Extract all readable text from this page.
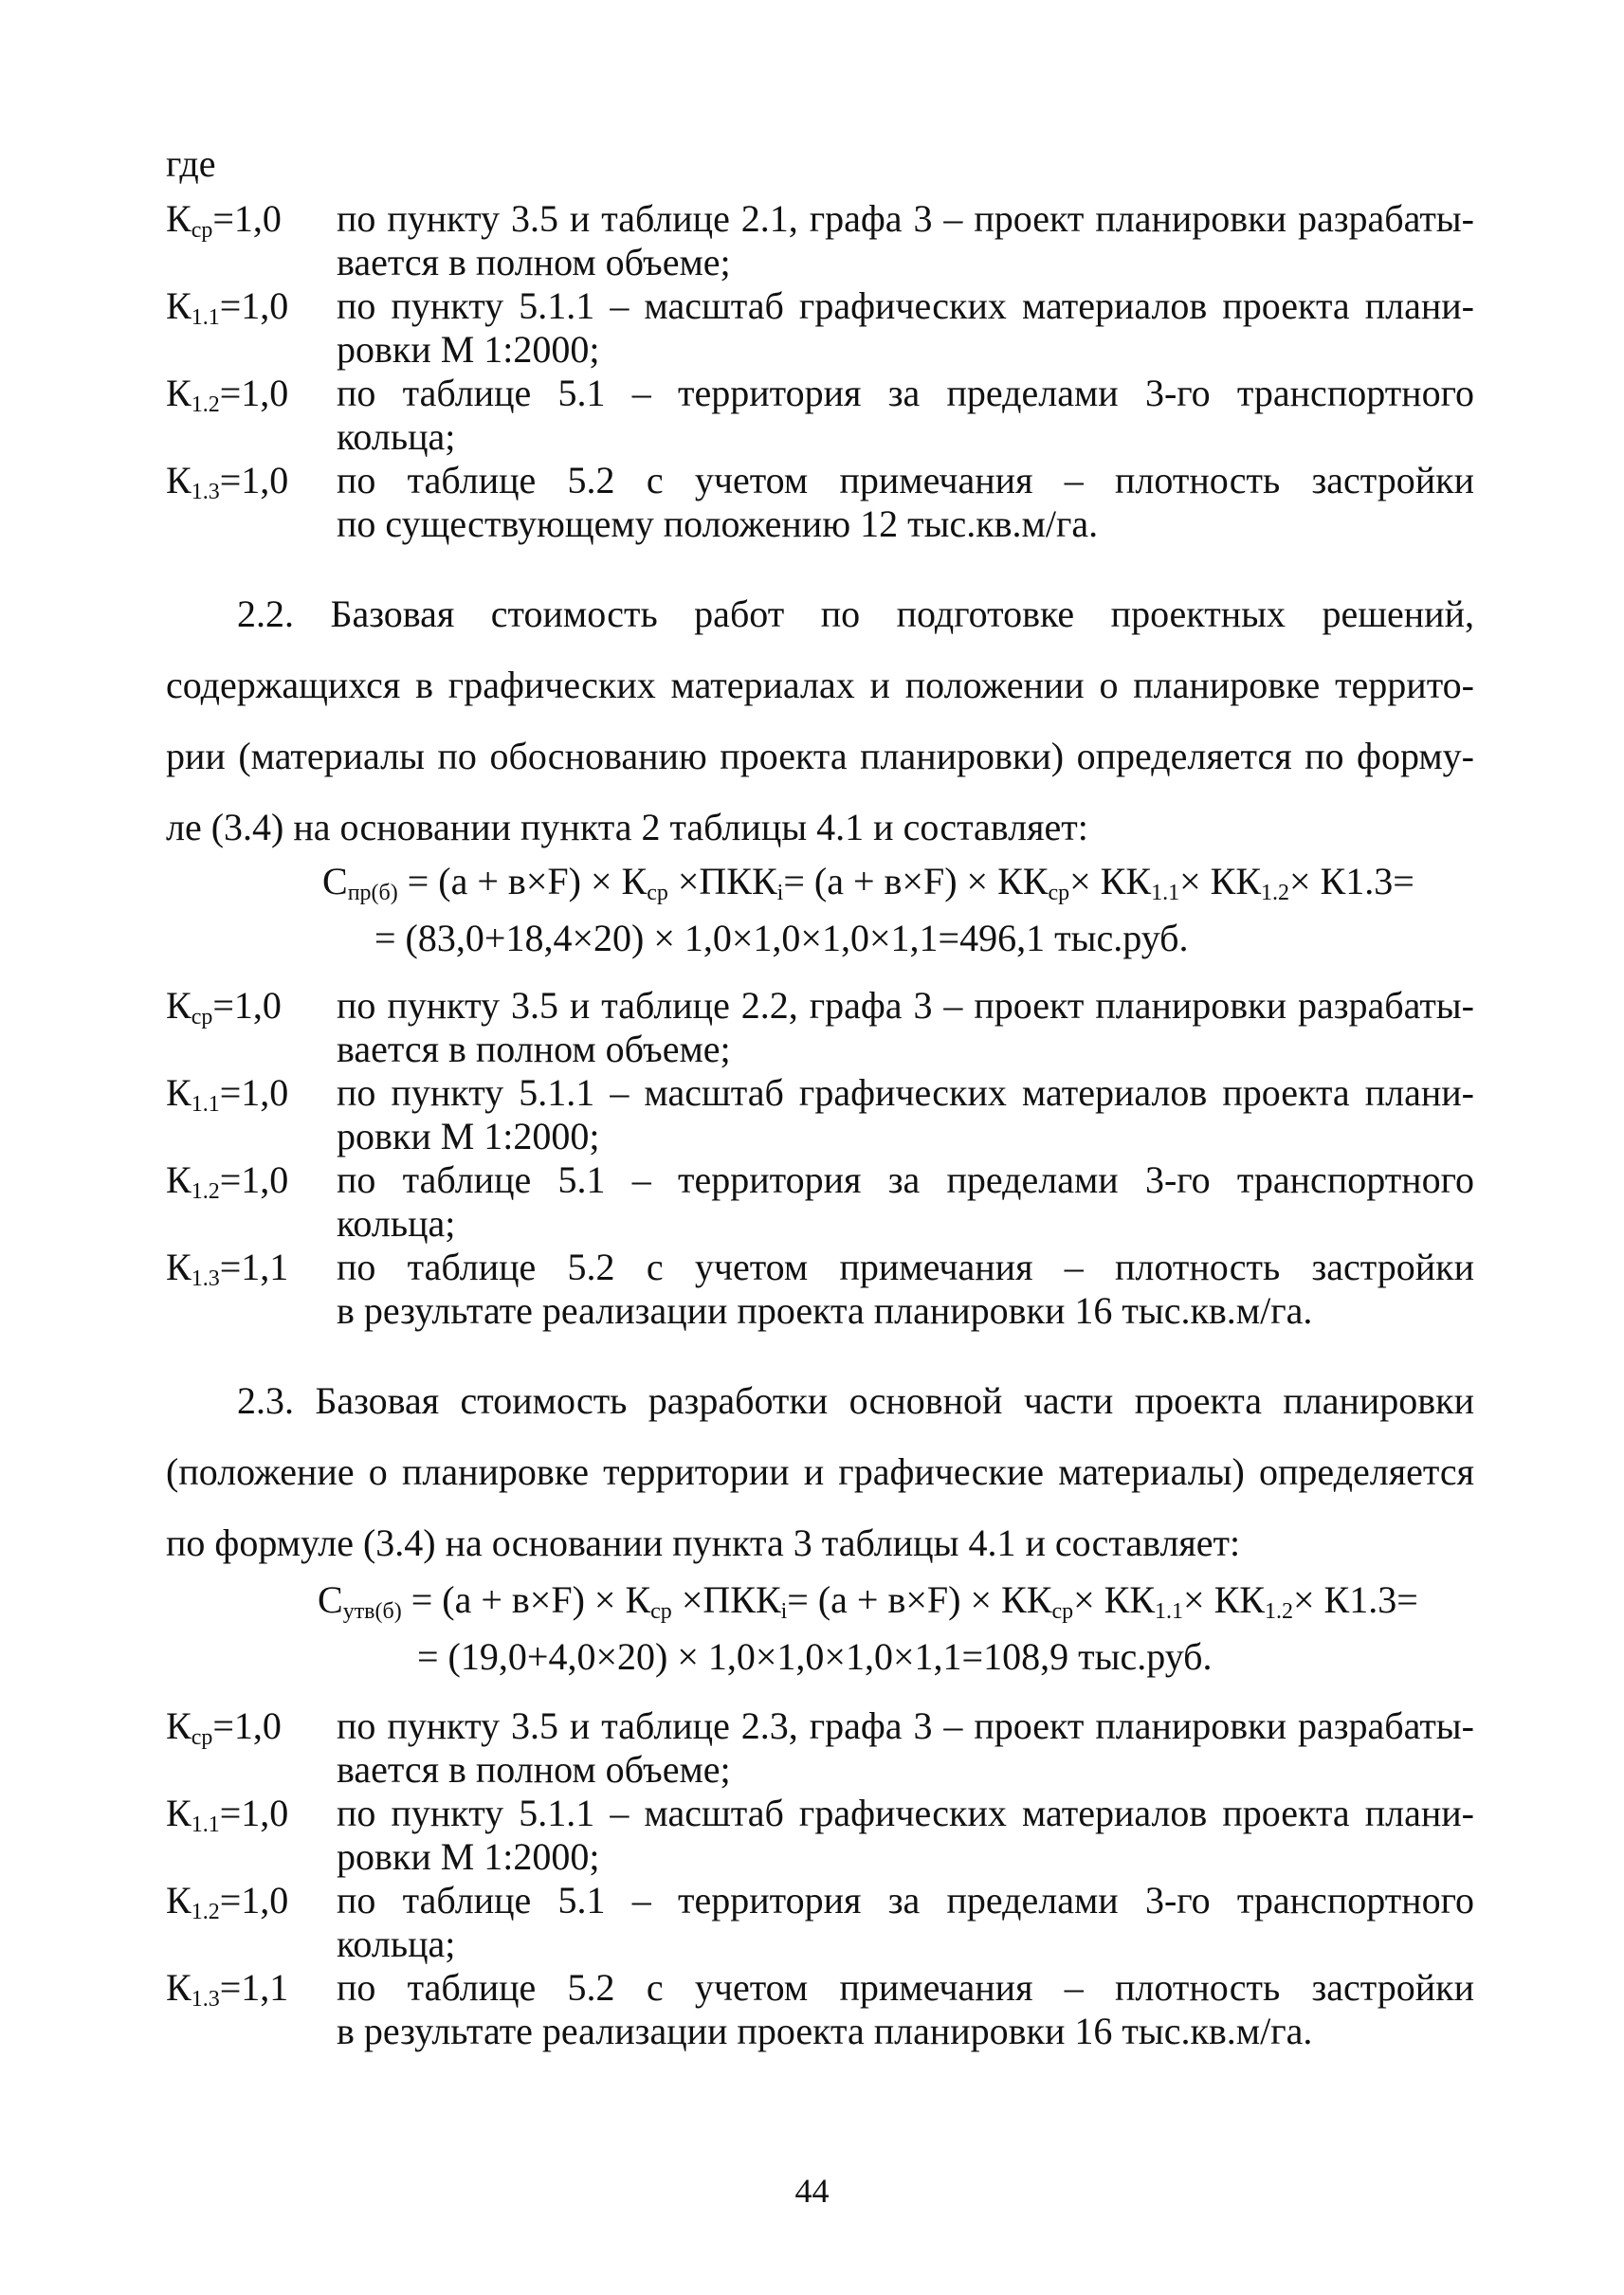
где
$К_{ср}=1,0$ по пункту 3.5 и таблице 2.1, графа 3 – проект планировки разрабаты-
вается в полном объеме;
$К_{1.1}=1,0$ по пункту 5.1.1 – масштаб графических материалов проекта плани-
ровки М 1:2000;
$К_{1.2}=1,0$ по таблице 5.1 – территория за пределами 3-го транспортного
кольца;
$К_{1.3}=1,0$ по таблице 5.2 с учетом примечания – плотность застройки
по существующему положению 12 тыс.кв.м/га.
2.2. Базовая стоимость работ по подготовке проектных решений,
содержащихся в графических материалах и положении о планировке террито-
рии (материалы по обоснованию проекта планировки) определяется по форму-
ле (3.4) на основании пункта 2 таблицы 4.1 и составляет:
$С_{пр(б)} = (а + в\times F) \times К_{ср} \times ПКК_i= (а + в\times F) \times КК_{ср}\times КК_{1.1}\times КК_{1.2}\times К1.3=$
= (83,0+18,4×20) × 1,0×1,0×1,0×1,1=496,1 тыс.руб.
$К_{ср}=1,0$ по пункту 3.5 и таблице 2.2, графа 3 – проект планировки разрабаты-
вается в полном объеме;
$К_{1.1}=1,0$ по пункту 5.1.1 – масштаб графических материалов проекта плани-
ровки М 1:2000;
$К_{1.2}=1,0$ по таблице 5.1 – территория за пределами 3-го транспортного
кольца;
$К_{1.3}=1,1$ по таблице 5.2 с учетом примечания – плотность застройки
в результате реализации проекта планировки 16 тыс.кв.м/га.
2.3. Базовая стоимость разработки основной части проекта планировки
(положение о планировке территории и графические материалы) определяется
по формуле (3.4) на основании пункта 3 таблицы 4.1 и составляет:
$С_{утв(б)} = (а + в\times F) \times К_{ср} \times ПКК_i= (а + в\times F) \times КК_{ср}\times КК_{1.1}\times КК_{1.2}\times К1.3=$
= (19,0+4,0×20) × 1,0×1,0×1,0×1,1=108,9 тыс.руб.
$К_{ср}=1,0$ по пункту 3.5 и таблице 2.3, графа 3 – проект планировки разрабаты-
вается в полном объеме;
$К_{1.1}=1,0$ по пункту 5.1.1 – масштаб графических материалов проекта плани-
ровки М 1:2000;
$К_{1.2}=1,0$ по таблице 5.1 – территория за пределами 3-го транспортного
кольца;
$К_{1.3}=1,1$ по таблице 5.2 с учетом примечания – плотность застройки
в результате реализации проекта планировки 16 тыс.кв.м/га.
44
